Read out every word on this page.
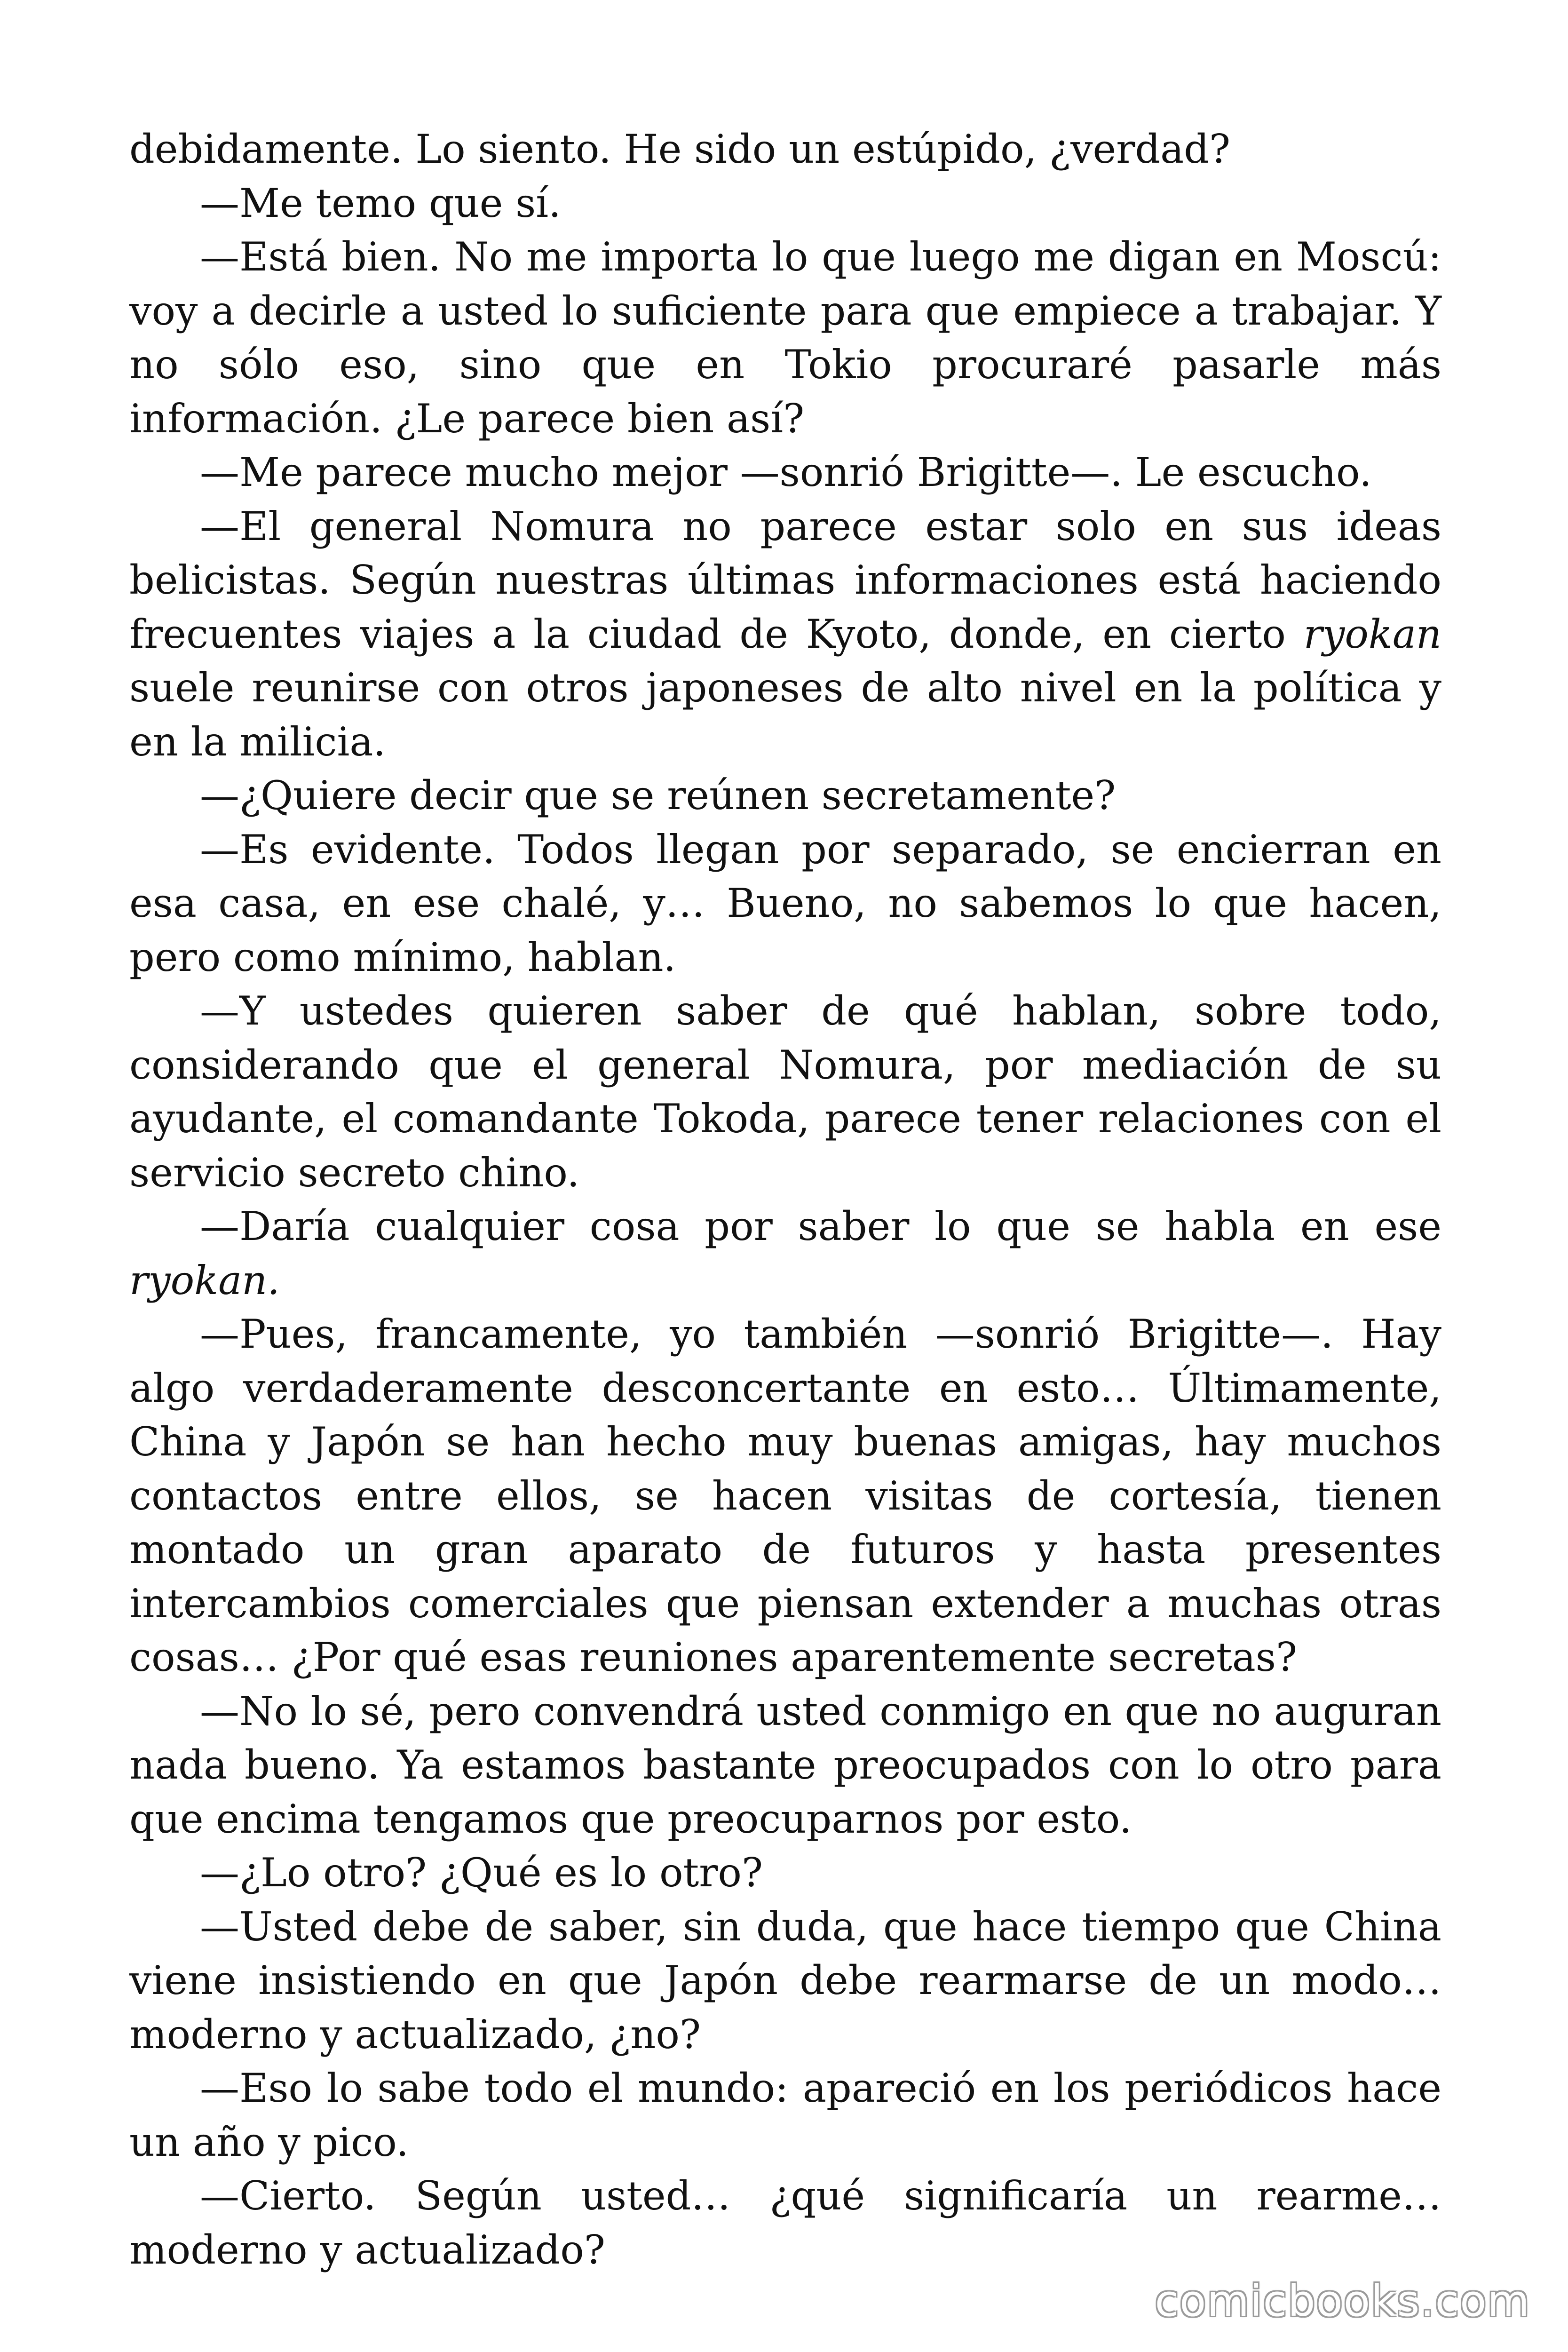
debidamente. Lo siento. He sido un estúpido, ¿verdad?

—Me temo que sí.

—Está bien. No me importa lo que luego me digan en Moscú: voy a decirle a usted lo suficiente para que empiece a trabajar. Y no sólo eso, sino que en Tokio procuraré pasarle más información. ¿Le parece bien así?

—Me parece mucho mejor —sonrió Brigitte—. Le escucho.

—El general Nomura no parece estar solo en sus ideas belicistas. Según nuestras últimas informaciones está haciendo frecuentes viajes a la ciudad de Kyoto, donde, en cierto ryokan suele reunirse con otros japoneses de alto nivel en la política y en la milicia.

—¿Quiere decir que se reúnen secretamente?

—Es evidente. Todos llegan por separado, se encierran en esa casa, en ese chalé, y… Bueno, no sabemos lo que hacen, pero como mínimo, hablan.

—Y ustedes quieren saber de qué hablan, sobre todo, considerando que el general Nomura, por mediación de su ayudante, el comandante Tokoda, parece tener relaciones con el servicio secreto chino.

—Daría cualquier cosa por saber lo que se habla en ese ryokan.

—Pues, francamente, yo también —sonrió Brigitte—. Hay algo verdaderamente desconcertante en esto… Últimamente, China y Japón se han hecho muy buenas amigas, hay muchos contactos entre ellos, se hacen visitas de cortesía, tienen montado un gran aparato de futuros y hasta presentes intercambios comerciales que piensan extender a muchas otras cosas… ¿Por qué esas reuniones aparentemente secretas?

—No lo sé, pero convendrá usted conmigo en que no auguran nada bueno. Ya estamos bastante preocupados con lo otro para que encima tengamos que preocuparnos por esto.

—¿Lo otro? ¿Qué es lo otro?

—Usted debe de saber, sin duda, que hace tiempo que China viene insistiendo en que Japón debe rearmarse de un modo… moderno y actualizado, ¿no?

—Eso lo sabe todo el mundo: apareció en los periódicos hace un año y pico.

—Cierto. Según usted… ¿qué significaría un rearme… moderno y actualizado?

comicbooks.com
